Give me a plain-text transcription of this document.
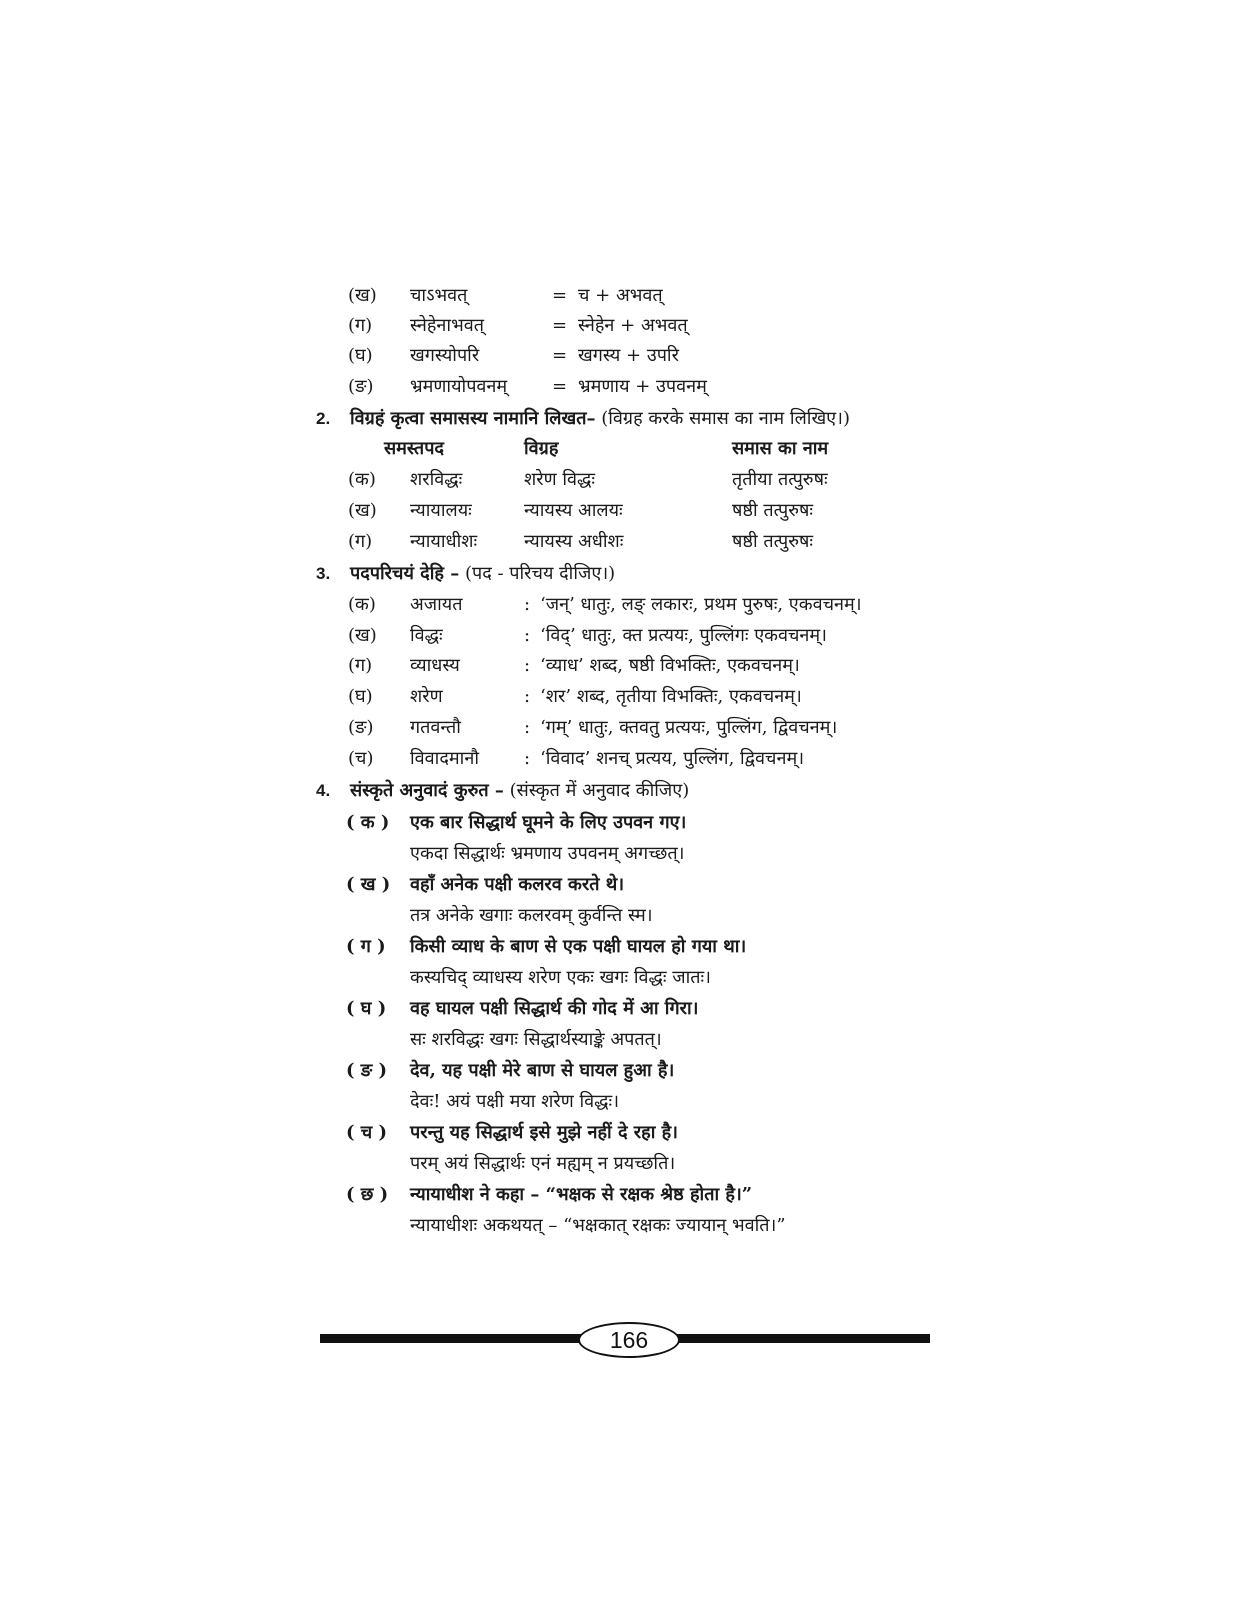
(ख) चाऽभवत्	= च + अभवत्
(ग) स्नेहेनाभवत्	= स्नेहेन + अभवत्
(घ) खगस्योपरि	= खगस्य + उपरि
(ङ) भ्रमणायोपवनम् = भ्रमणाय + उपवनम्
2. विग्रहं कृत्वा समासस्य नामानि लिखत– (विग्रह करके समास का नाम लिखिए।)
समस्तपद	विग्रह	समास का नाम
(क) शरविद्धः	शरेण विद्धः	तृतीया तत्पुरुषः
(ख) न्यायालयः	न्यायस्य आलयः	षष्ठी तत्पुरुषः
(ग) न्यायाधीशः	न्यायस्य अधीशः	षष्ठी तत्पुरुषः
3. पदपरिचयं देहि – (पद - परिचय दीजिए।)
(क) अजायत	: ‘जन्’ धातुः, लङ् लकारः, प्रथम पुरुषः, एकवचनम्।
(ख) विद्धः	: ‘विद्’ धातुः, क्त प्रत्ययः, पुल्लिंगः एकवचनम्।
(ग) व्याधस्य	: ‘व्याध’ शब्द, षष्ठी विभक्तिः, एकवचनम्।
(घ) शरेण	: ‘शर’ शब्द, तृतीया विभक्तिः, एकवचनम्।
(ङ) गतवन्तौ	: ‘गम्’ धातुः, क्तवतु प्रत्ययः, पुल्लिंग, द्विवचनम्।
(च) विवादमानौ	: ‘विवाद’ शनच् प्रत्यय, पुल्लिंग, द्विवचनम्।
4. संस्कृते अनुवादं कुरुत – (संस्कृत में अनुवाद कीजिए)
( क ) एक बार सिद्धार्थ घूमने के लिए उपवन गए।
एकदा सिद्धार्थः भ्रमणाय उपवनम् अगच्छत्।
( ख ) वहाँ अनेक पक्षी कलरव करते थे।
तत्र अनेके खगाः कलरवम् कुर्वन्ति स्म।
( ग ) किसी व्याध के बाण से एक पक्षी घायल हो गया था।
कस्यचिद् व्याधस्य शरेण एकः खगः विद्धः जातः।
( घ ) वह घायल पक्षी सिद्धार्थ की गोद में आ गिरा।
सः शरविद्धः खगः सिद्धार्थस्याङ्के अपतत्।
( ङ ) देव, यह पक्षी मेरे बाण से घायल हुआ है।
देवः! अयं पक्षी मया शरेण विद्धः।
( च ) परन्तु यह सिद्धार्थ इसे मुझे नहीं दे रहा है।
परम् अयं सिद्धार्थः एनं मह्यम् न प्रयच्छति।
( छ ) न्यायाधीश ने कहा – “भक्षक से रक्षक श्रेष्ठ होता है।”
न्यायाधीशः अकथयत् – “भक्षकात् रक्षकः ज्यायान् भवति।”
166
